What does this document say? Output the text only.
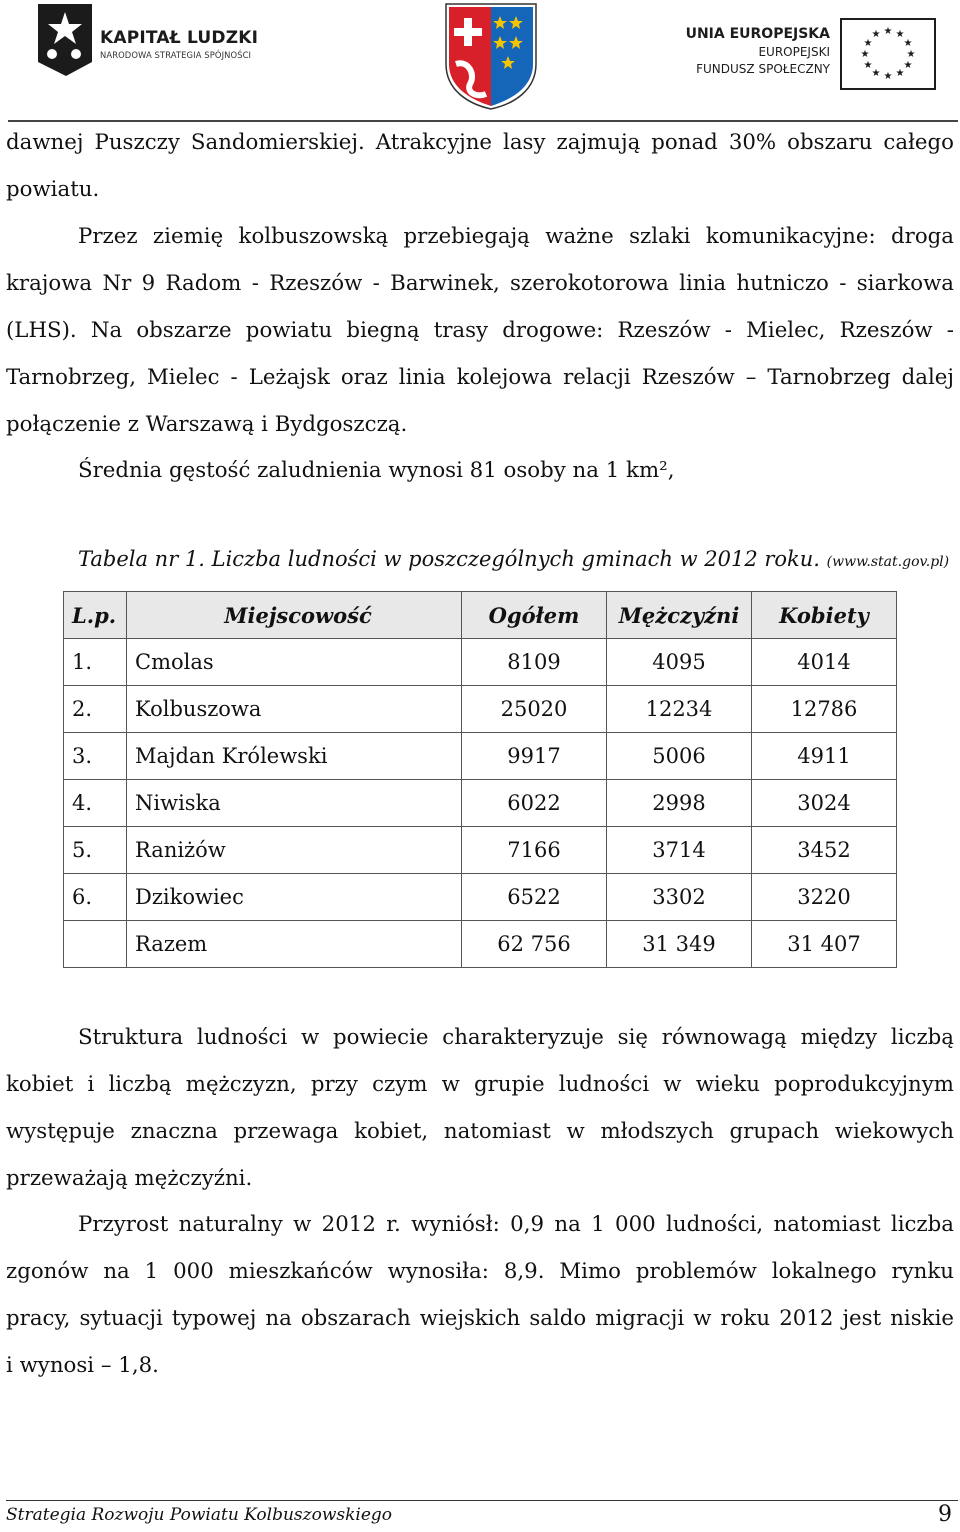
KAPITAŁ LUDZKI
NARODOWA STRATEGIA SPÓJNOŚCI
UNIA EUROPEJSKA
EUROPEJSKI
FUNDUSZ SPOŁECZNY
★ ★
★
★
★
★
★
★
★
★
★
★
dawnej Puszczy Sandomierskiej. Atrakcyjne lasy zajmują ponad 30% obszaru całego
powiatu.
Przez ziemię kolbuszowską przebiegają ważne szlaki komunikacyjne: droga
krajowa Nr 9 Radom - Rzeszów - Barwinek, szerokotorowa linia hutniczo - siarkowa
(LHS). Na obszarze powiatu biegną trasy drogowe: Rzeszów - Mielec, Rzeszów -
Tarnobrzeg, Mielec - Leżajsk oraz linia kolejowa relacji Rzeszów – Tarnobrzeg dalej
połączenie z Warszawą i Bydgoszczą.
Średnia gęstość zaludnienia wynosi 81 osoby na 1 km²,
Tabela nr 1. Liczba ludności w poszczególnych gminach w 2012 roku. (www.stat.gov.pl)
L.p.	Miejscowość	Ogółem	Mężczyźni	Kobiety
1.	Cmolas	8109	4095	4014
2.	Kolbuszowa	25020	12234	12786
3.	Majdan Królewski	9917	5006	4911
4.	Niwiska	6022	2998	3024
5.	Raniżów	7166	3714	3452
6.	Dzikowiec	6522	3302	3220
	Razem	62 756	31 349	31 407
Struktura ludności w powiecie charakteryzuje się równowagą między liczbą
kobiet i liczbą mężczyzn, przy czym w grupie ludności w wieku poprodukcyjnym
występuje znaczna przewaga kobiet, natomiast w młodszych grupach wiekowych
przeważają mężczyźni.
Przyrost naturalny w 2012 r. wyniósł: 0,9 na 1 000 ludności, natomiast liczba
zgonów na 1 000 mieszkańców wynosiła: 8,9. Mimo problemów lokalnego rynku
pracy, sytuacji typowej na obszarach wiejskich saldo migracji w roku 2012 jest niskie
i wynosi – 1,8.
Strategia Rozwoju Powiatu Kolbuszowskiego	9
